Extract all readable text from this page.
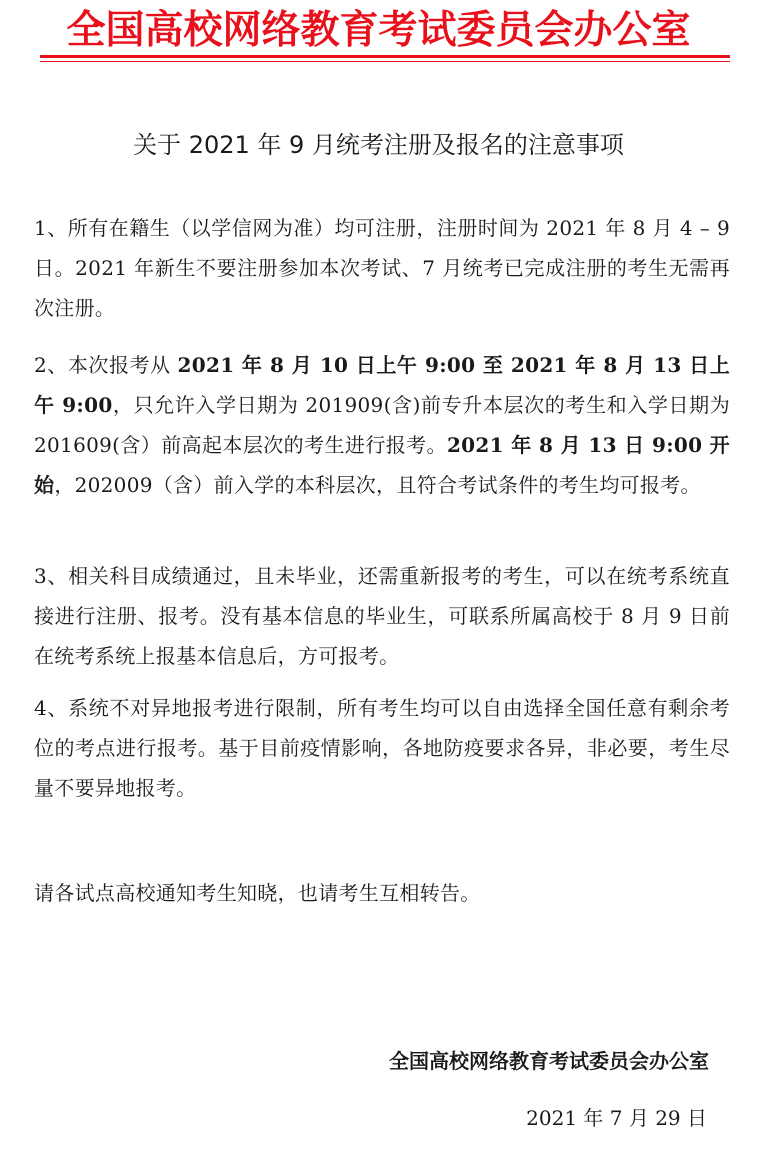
全国高校网络教育考试委员会办公室
关于 2021 年 9 月统考注册及报名的注意事项
1、所有在籍生（以学信网为准）均可注册，注册时间为 2021 年 8 月 4 – 9 日。2021 年新生不要注册参加本次考试、7 月统考已完成注册的考生无需再次注册。
2、本次报考从 2021 年 8 月 10 日上午 9:00 至 2021 年 8 月 13 日上午 9:00，只允许入学日期为 201909(含)前专升本层次的考生和入学日期为 201609(含）前高起本层次的考生进行报考。2021 年 8 月 13 日 9:00 开始，202009（含）前入学的本科层次，且符合考试条件的考生均可报考。
3、相关科目成绩通过，且未毕业，还需重新报考的考生，可以在统考系统直接进行注册、报考。没有基本信息的毕业生，可联系所属高校于 8 月 9 日前在统考系统上报基本信息后，方可报考。
4、系统不对异地报考进行限制，所有考生均可以自由选择全国任意有剩余考位的考点进行报考。基于目前疫情影响，各地防疫要求各异，非必要，考生尽量不要异地报考。
请各试点高校通知考生知晓，也请考生互相转告。
全国高校网络教育考试委员会办公室
2021 年 7 月 29 日
